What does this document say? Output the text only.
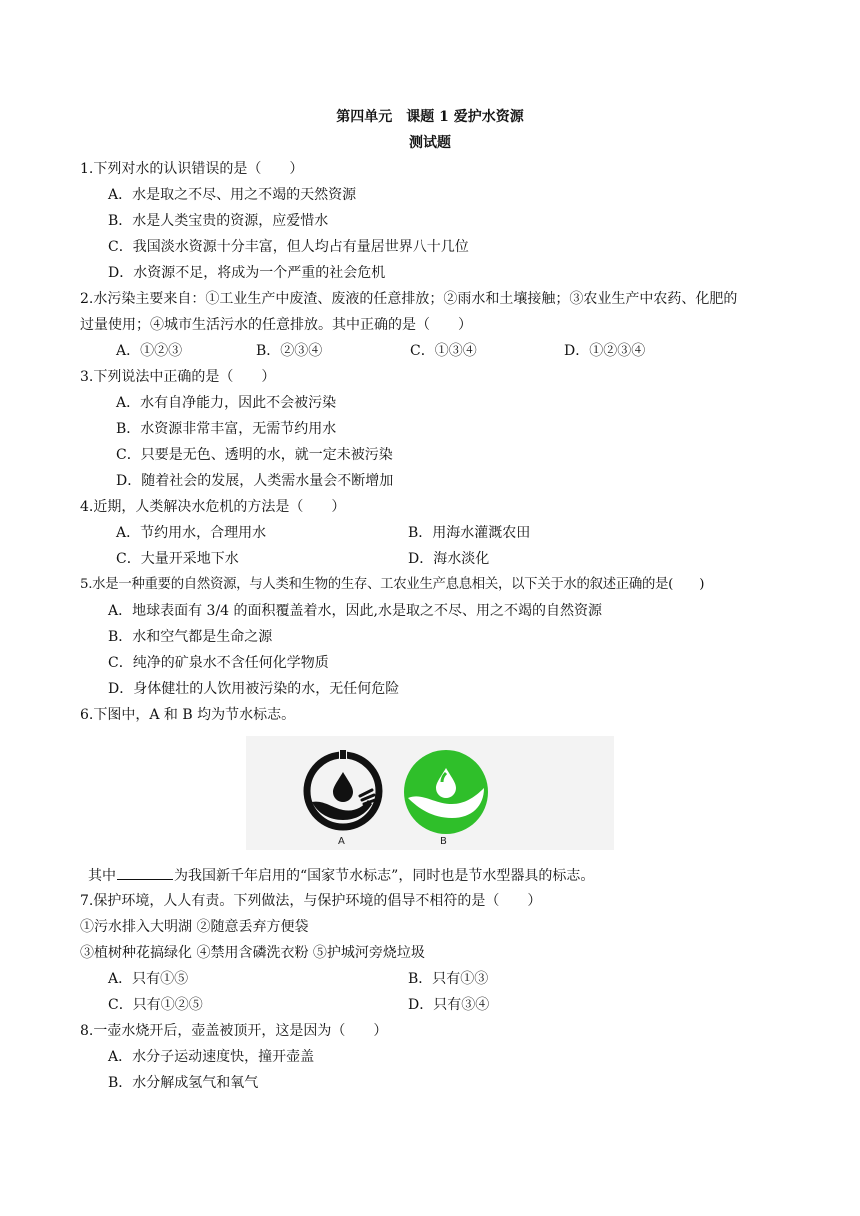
第四单元　课题 1 爱护水资源
测试题
1.下列对水的认识错误的是（　　）
A．水是取之不尽、用之不竭的天然资源
B．水是人类宝贵的资源，应爱惜水
C．我国淡水资源十分丰富，但人均占有量居世界八十几位
D．水资源不足，将成为一个严重的社会危机
2.水污染主要来自：①工业生产中废渣、废液的任意排放；②雨水和土壤接触；③农业生产中农药、化肥的
过量使用；④城市生活污水的任意排放。其中正确的是（　　）
A．①②③	B．②③④	C．①③④	D．①②③④
3.下列说法中正确的是（　　）
A．水有自净能力，因此不会被污染
B．水资源非常丰富，无需节约用水
C．只要是无色、透明的水，就一定未被污染
D．随着社会的发展，人类需水量会不断增加
4.近期，人类解决水危机的方法是（　　）
A．节约用水，合理用水	B．用海水灌溉农田
C．大量开采地下水	D．海水淡化
5.水是一种重要的自然资源，与人类和生物的生存、工农业生产息息相关，以下关于水的叙述正确的是(　　)
A．地球表面有 3/4 的面积覆盖着水，因此,水是取之不尽、用之不竭的自然资源
B．水和空气都是生命之源
C．纯净的矿泉水不含任何化学物质
D．身体健壮的人饮用被污染的水，无任何危险
6.下图中，A 和 B 均为节水标志。
A	B
其中	为我国新千年启用的“国家节水标志”，同时也是节水型器具的标志。
7.保护环境，人人有责。下列做法，与保护环境的倡导不相符的是（　　）
①污水排入大明湖 ②随意丢弃方便袋
③植树种花搞绿化 ④禁用含磷洗衣粉 ⑤护城河旁烧垃圾
A．只有①⑤	B．只有①③
C．只有①②⑤	D．只有③④
8.一壶水烧开后，壶盖被顶开，这是因为（　　）
A．水分子运动速度快，撞开壶盖
B．水分解成氢气和氧气
